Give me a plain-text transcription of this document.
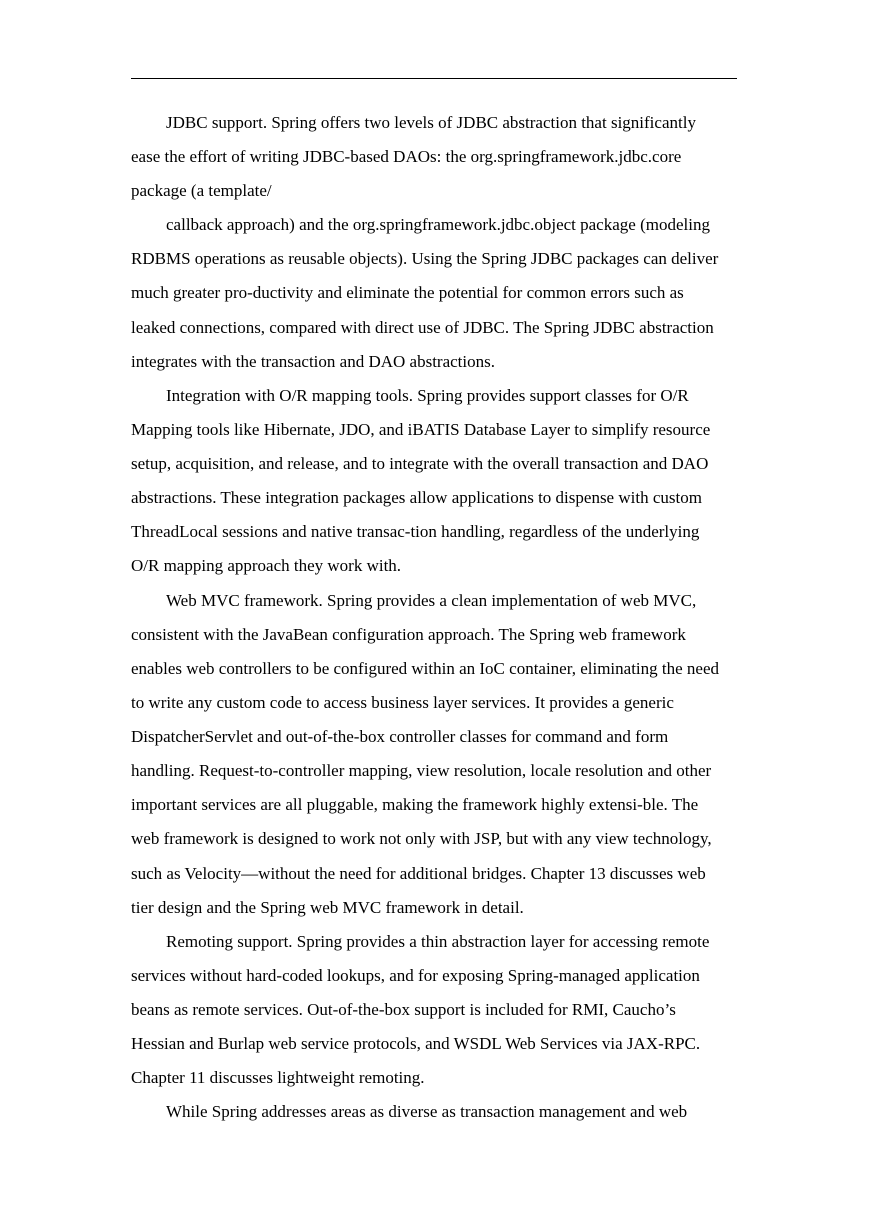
JDBC support. Spring offers two levels of JDBC abstraction that significantly
ease the effort of writing JDBC-based DAOs: the org.springframework.jdbc.core
package (a template/
callback approach) and the org.springframework.jdbc.object package (modeling
RDBMS operations as reusable objects). Using the Spring JDBC packages can deliver
much greater pro-ductivity and eliminate the potential for common errors such as
leaked connections, compared with direct use of JDBC. The Spring JDBC abstraction
integrates with the transaction and DAO abstractions.
Integration with O/R mapping tools. Spring provides support classes for O/R
Mapping tools like Hibernate, JDO, and iBATIS Database Layer to simplify resource
setup, acquisition, and release, and to integrate with the overall transaction and DAO
abstractions. These integration packages allow applications to dispense with custom
ThreadLocal sessions and native transac-tion handling, regardless of the underlying
O/R mapping approach they work with.
Web MVC framework. Spring provides a clean implementation of web MVC,
consistent with the JavaBean configuration approach. The Spring web framework
enables web controllers to be configured within an IoC container, eliminating the need
to write any custom code to access business layer services. It provides a generic
DispatcherServlet and out-of-the-box controller classes for command and form
handling. Request-to-controller mapping, view resolution, locale resolution and other
important services are all pluggable, making the framework highly extensi-ble. The
web framework is designed to work not only with JSP, but with any view technology,
such as Velocity—without the need for additional bridges. Chapter 13 discusses web
tier design and the Spring web MVC framework in detail.
Remoting support. Spring provides a thin abstraction layer for accessing remote
services without hard-coded lookups, and for exposing Spring-managed application
beans as remote services. Out-of-the-box support is included for RMI, Caucho’s
Hessian and Burlap web service protocols, and WSDL Web Services via JAX-RPC.
Chapter 11 discusses lightweight remoting.
While Spring addresses areas as diverse as transaction management and web
